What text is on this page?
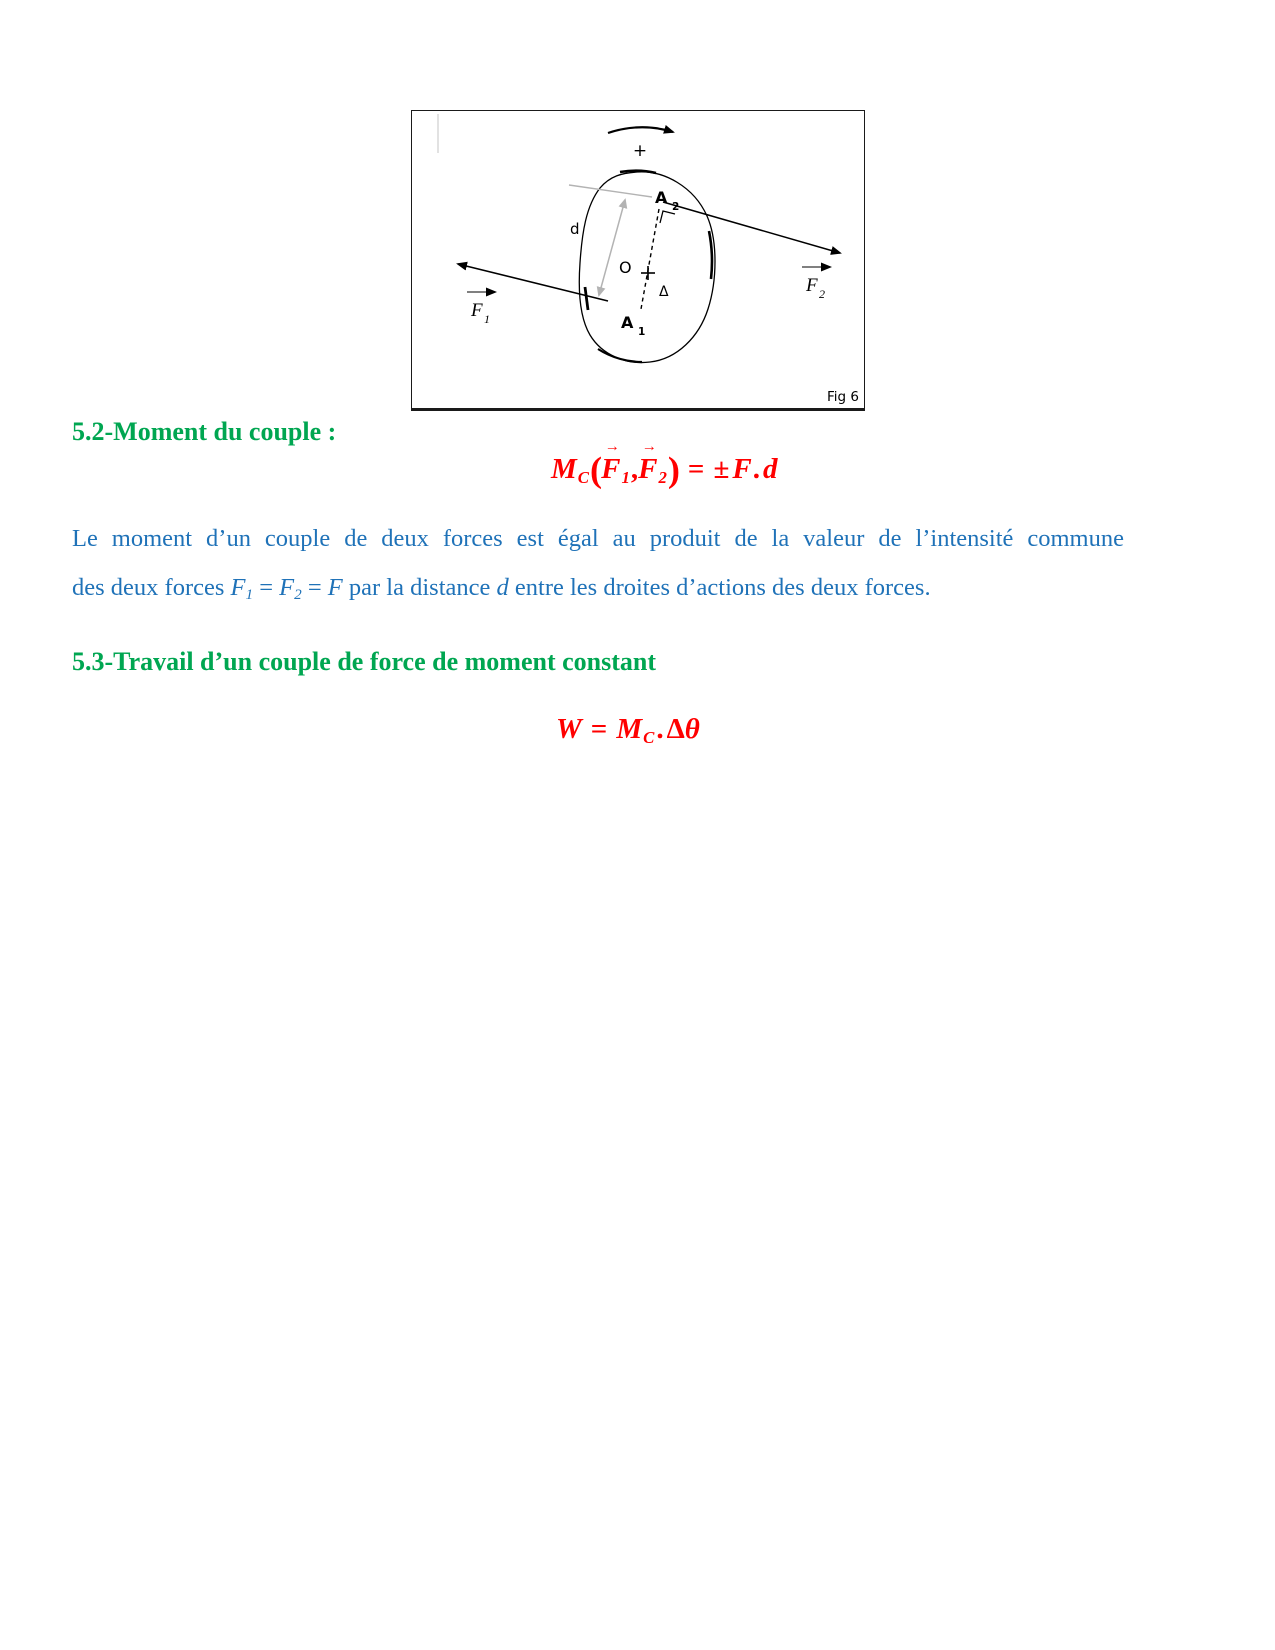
+
O
Δ
d
A 2
A 1
F 1
F 2
Fig 6
5.2-Moment du couple :
MC(
→
F1,
→
F2) = ± F. d
Le moment d’un couple de deux forces est égal au produit de la valeur de l’intensité commune
des deux forces F1 = F2 = F par la distance d entre les droites d’actions des deux forces.
5.3-Travail d’un couple de force de moment constant
W = MC. Δθ
